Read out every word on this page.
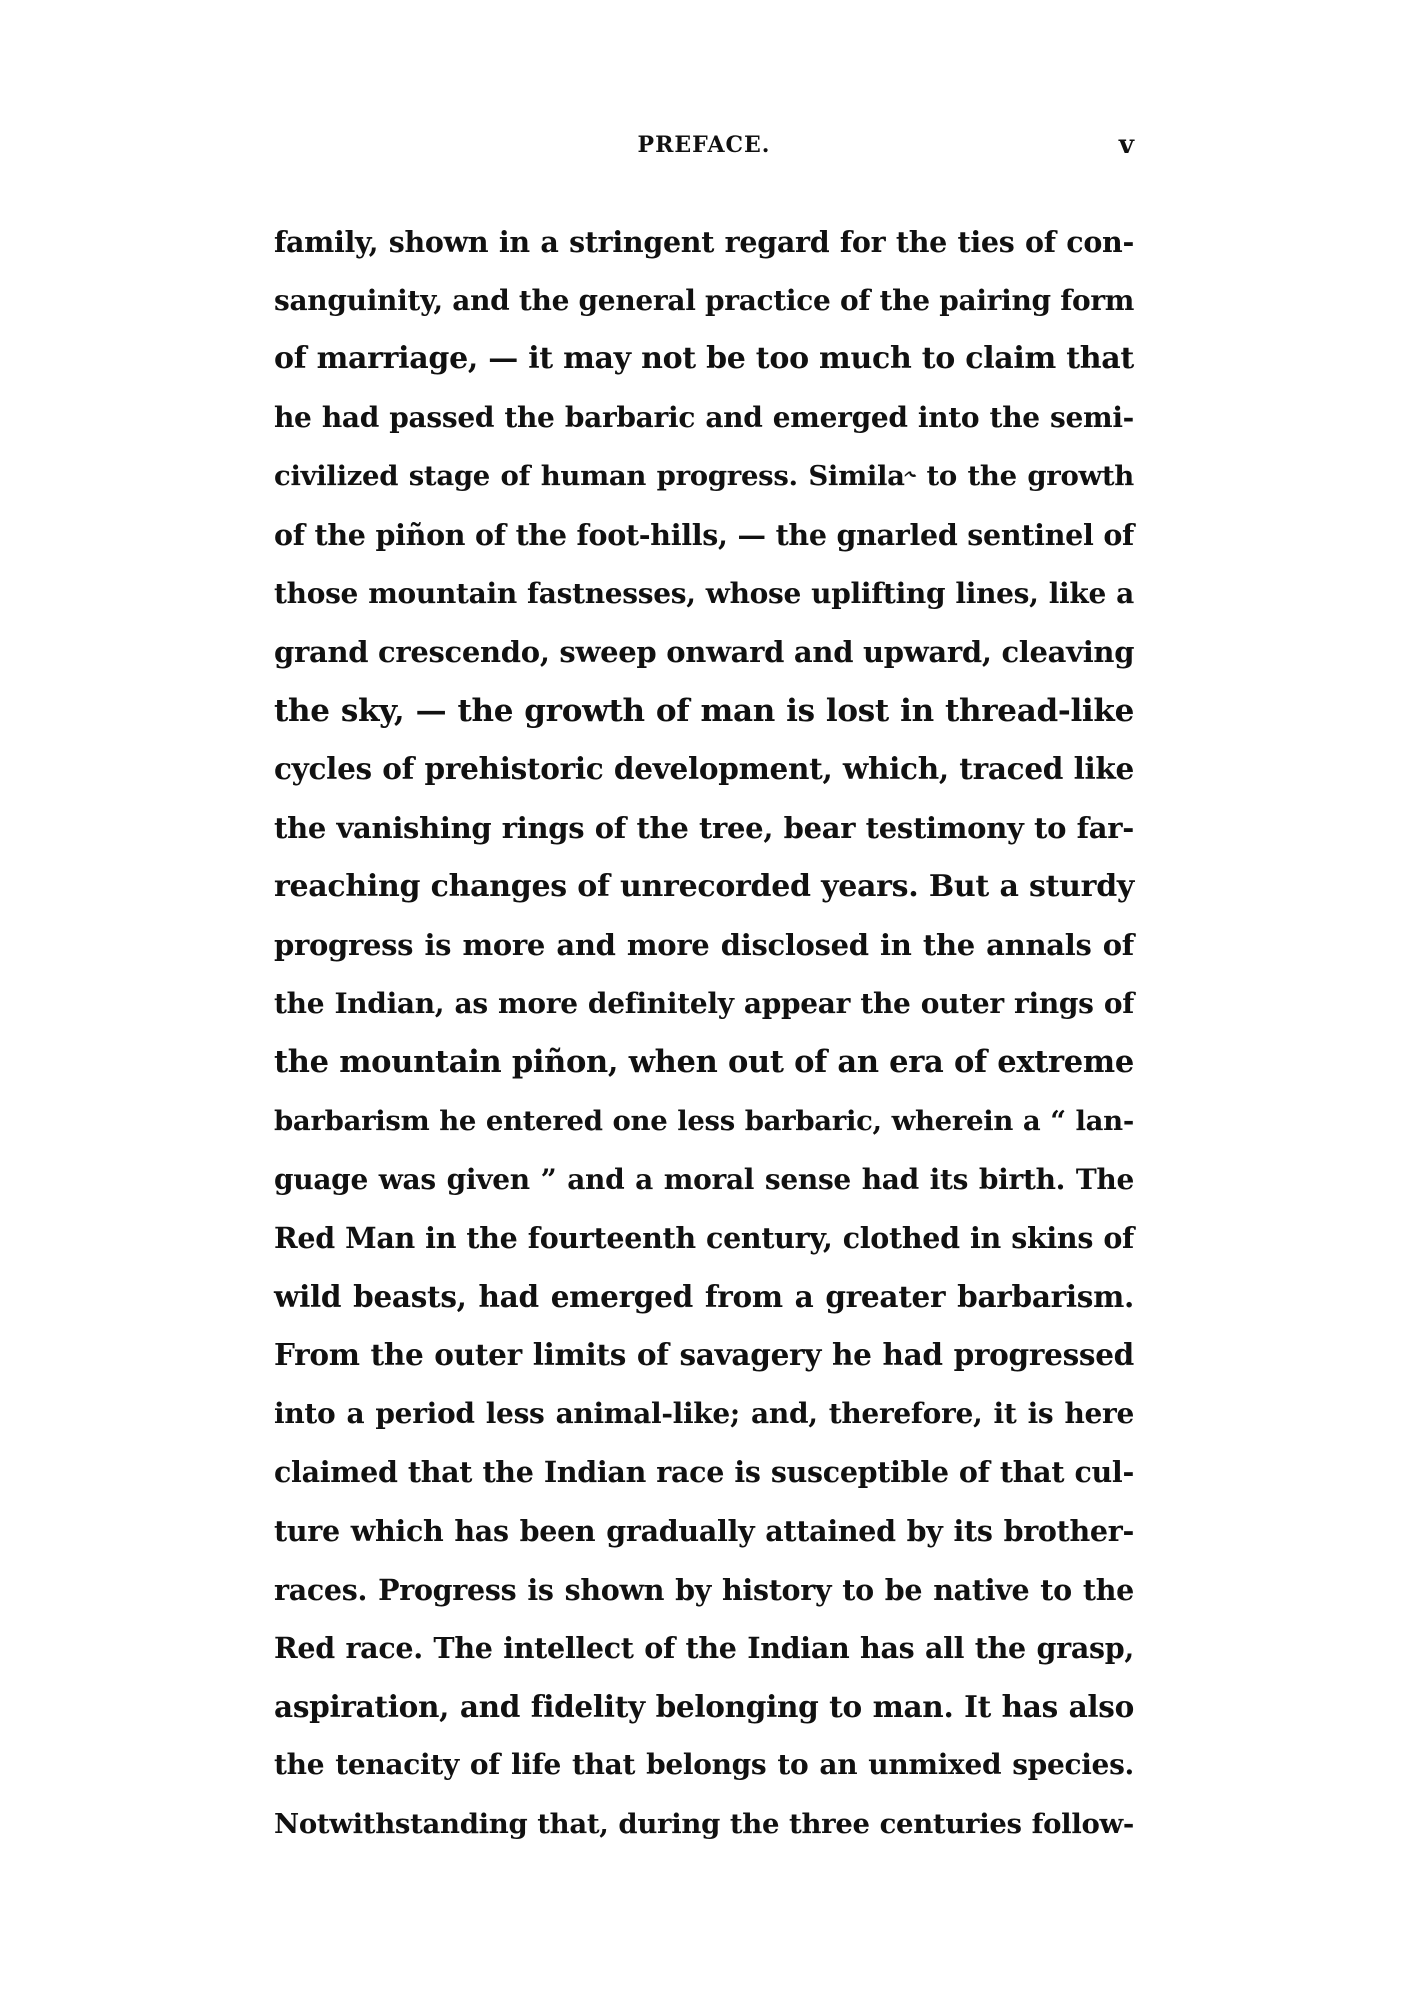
PREFACE.	v
family, shown in a stringent regard for the ties of con-
sanguinity, and the general practice of the pairing form
of marriage, — it may not be too much to claim that
he had passed the barbaric and emerged into the semi-
civilized stage of human progress. Simila˞ to the growth
of the piñon of the foot-hills, — the gnarled sentinel of
those mountain fastnesses, whose uplifting lines, like a
grand crescendo, sweep onward and upward, cleaving
the sky, — the growth of man is lost in thread-like
cycles of prehistoric development, which, traced like
the vanishing rings of the tree, bear testimony to far-
reaching changes of unrecorded years. But a sturdy
progress is more and more disclosed in the annals of
the Indian, as more definitely appear the outer rings of
the mountain piñon, when out of an era of extreme
barbarism he entered one less barbaric, wherein a “ lan-
guage was given ” and a moral sense had its birth. The
Red Man in the fourteenth century, clothed in skins of
wild beasts, had emerged from a greater barbarism.
From the outer limits of savagery he had progressed
into a period less animal-like; and, therefore, it is here
claimed that the Indian race is susceptible of that cul-
ture which has been gradually attained by its brother-
races. Progress is shown by history to be native to the
Red race. The intellect of the Indian has all the grasp,
aspiration, and fidelity belonging to man. It has also
the tenacity of life that belongs to an unmixed species.
Notwithstanding that, during the three centuries follow-
